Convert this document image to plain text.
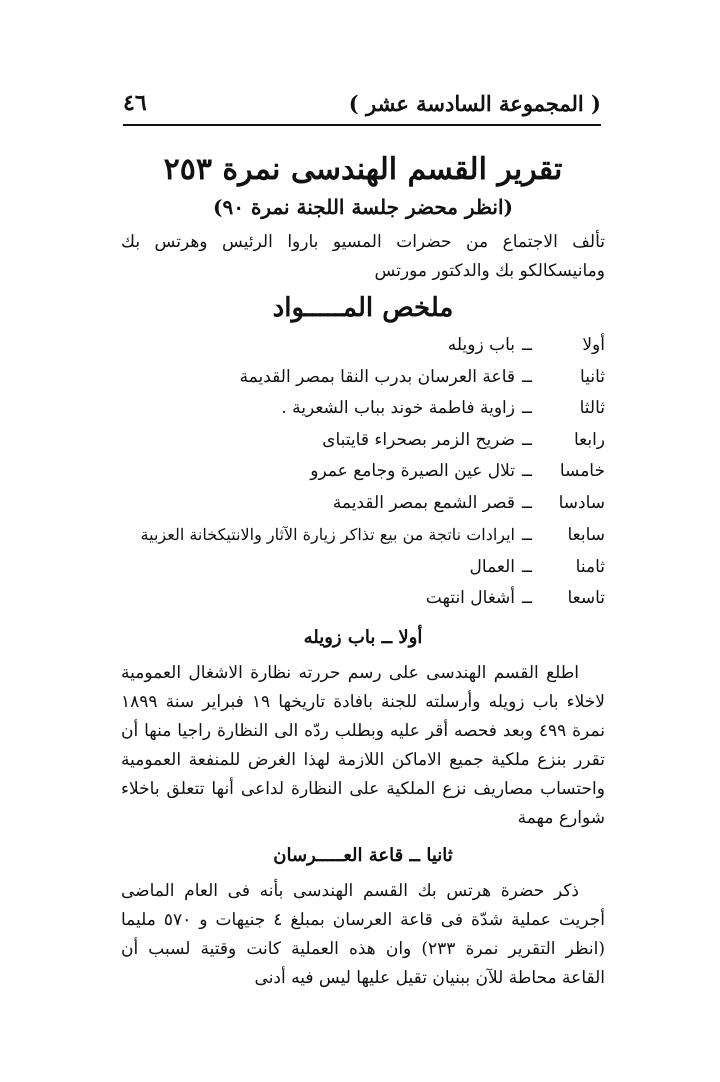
٤٦	( المجموعة السادسة عشر )
تقرير القسم الهندسى نمرة ٢٥٣
(انظر محضر جلسة اللجنة نمرة ٩٠)

تألف الاجتماع من حضرات المسيو باروا الرئيس وهرتس بك ومانيسكالكو بك والدكتور مورتس

ملخص المـــــواد
أولا
ــ
باب زويله
ثانيا
ــ
قاعة العرسان بدرب النقا بمصر القديمة
ثالثا
ــ
زاوية فاطمة خوند بباب الشعرية .
رابعا
ــ
ضريح الزمر بصحراء قايتباى
خامسا
ــ
تلال عين الصيرة وجامع عمرو
سادسا
ــ
قصر الشمع بمصر القديمة
سابعا
ــ
ايرادات ناتجة من بيع تذاكر زيارة الآثار والانتيكخانة العزبية
ثامنا
ــ
العمال
تاسعا
ــ
أشغال انتهت
أولا ــ باب زويله

اطلع القسم الهندسى على رسم حررته نظارة الاشغال العمومية لاخلاء باب زويله وأرسلته للجنة بافادة تاريخها ١٩ فبراير سنة ١٨٩٩ نمرة ٤٩٩ وبعد فحصه أقر عليه وبطلب ردّه الى النظارة راجيا منها أن تقرر بنزع ملكية جميع الاماكن اللازمة لهذا الغرض للمنفعة العمومية واحتساب مصاريف نزع الملكية على النظارة لداعى أنها تتعلق باخلاء شوارع مهمة

ثانيا ــ قاعة العـــــرسان

ذكر حضرة هرتس بك القسم الهندسى بأنه فى العام الماضى أجريت عملية شدّة فى قاعة العرسان بمبلغ ٤ جنيهات و ٥٧٠ مليما (انظر التقرير نمرة ٢٣٣) وان هذه العملية كانت وقتية لسبب أن القاعة محاطة للآن ببنيان تقيل عليها ليس فيه أدنى
